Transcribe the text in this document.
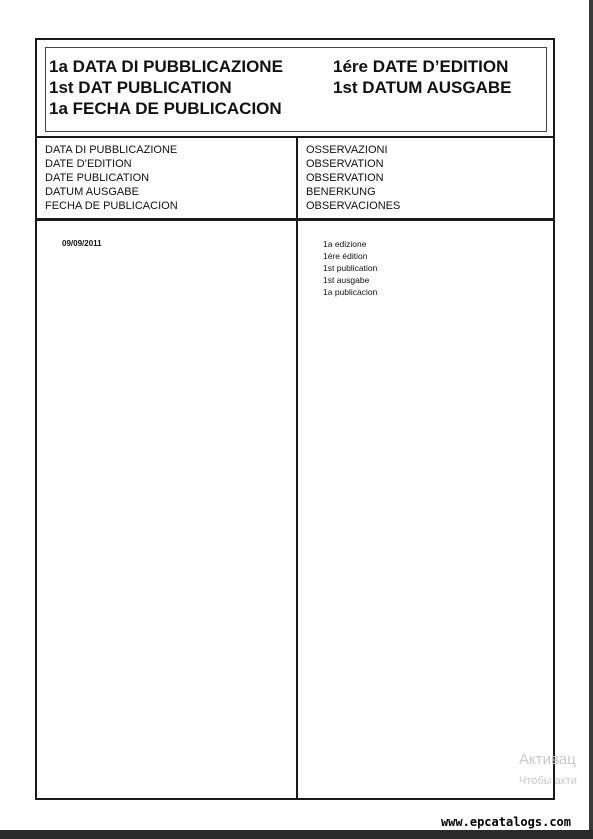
1a DATA DI PUBBLICAZIONE
1st DAT PUBLICATION
1a FECHA DE PUBLICACION
1ére DATE D’EDITION
1st DATUM AUSGABE
DATA DI PUBBLICAZIONE
DATE D’EDITION
DATE PUBLICATION
DATUM AUSGABE
FECHA DE PUBLICACION
OSSERVAZIONI
OBSERVATION
OBSERVATION
BENERKUNG
OBSERVACIONES
09/09/2011	1a edizione
1ére édition
1st publication
1st ausgabe
1a publicacion
Активац
Чтобы акти
www.epcatalogs.com
